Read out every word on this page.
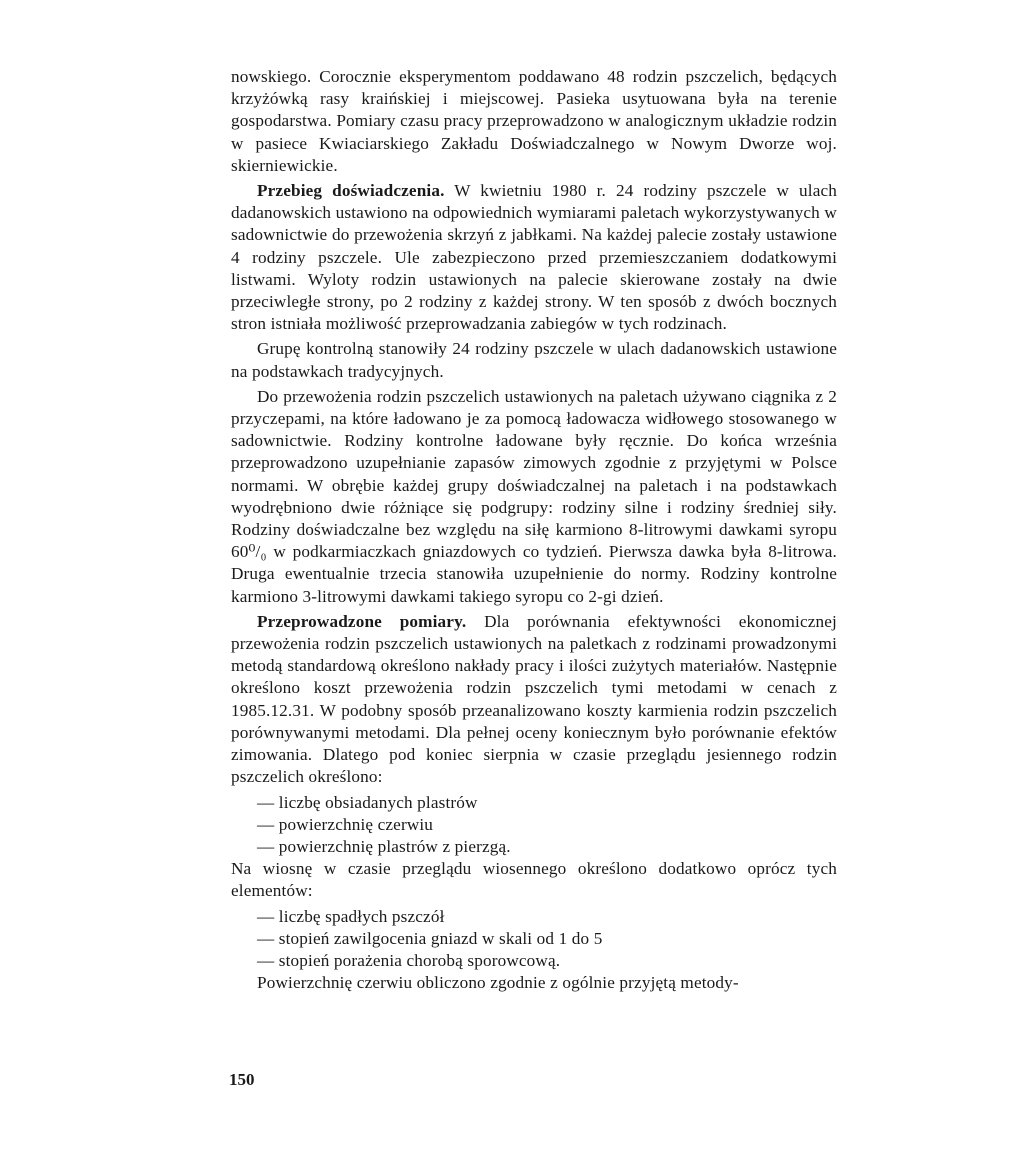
nowskiego. Corocznie eksperymentom poddawano 48 rodzin pszczelich, będących krzyżówką rasy kraińskiej i miejscowej. Pasieka usytuowana była na terenie gospodarstwa. Pomiary czasu pracy przeprowadzono w analogicznym układzie rodzin w pasiece Kwiaciarskiego Zakładu Doświadczalnego w Nowym Dworze woj. skierniewickie.

Przebieg doświadczenia. W kwietniu 1980 r. 24 rodziny pszczele w ulach dadanowskich ustawiono na odpowiednich wymiarami paletach wykorzystywanych w sadownictwie do przewożenia skrzyń z jabłkami. Na każdej palecie zostały ustawione 4 rodziny pszczele. Ule zabezpieczono przed przemieszczaniem dodatkowymi listwami. Wyloty rodzin ustawionych na palecie skierowane zostały na dwie przeciwległe strony, po 2 rodziny z każdej strony. W ten sposób z dwóch bocznych stron istniała możliwość przeprowadzania zabiegów w tych rodzinach.

Grupę kontrolną stanowiły 24 rodziny pszczele w ulach dadanowskich ustawione na podstawkach tradycyjnych.

Do przewożenia rodzin pszczelich ustawionych na paletach używano ciągnika z 2 przyczepami, na które ładowano je za pomocą ładowacza widłowego stosowanego w sadownictwie. Rodziny kontrolne ładowane były ręcznie. Do końca września przeprowadzono uzupełnianie zapasów zimowych zgodnie z przyjętymi w Polsce normami. W obrębie każdej grupy doświadczalnej na paletach i na podstawkach wyodrębniono dwie różniące się podgrupy: rodziny silne i rodziny średniej siły. Rodziny doświadczalne bez względu na siłę karmiono 8-litrowymi dawkami syropu 60⁰/₀ w podkarmiaczkach gniazdowych co tydzień. Pierwsza dawka była 8-litrowa. Druga ewentualnie trzecia stanowiła uzupełnienie do normy. Rodziny kontrolne karmiono 3-litrowymi dawkami takiego syropu co 2-gi dzień.

Przeprowadzone pomiary. Dla porównania efektywności ekonomicznej przewożenia rodzin pszczelich ustawionych na paletkach z rodzinami prowadzonymi metodą standardową określono nakłady pracy i ilości zużytych materiałów. Następnie określono koszt przewożenia rodzin pszczelich tymi metodami w cenach z 1985.12.31. W podobny sposób przeanalizowano koszty karmienia rodzin pszczelich porównywanymi metodami. Dla pełnej oceny koniecznym było porównanie efektów zimowania. Dlatego pod koniec sierpnia w czasie przeglądu jesiennego rodzin pszczelich określono:

— liczbę obsiadanych plastrów
— powierzchnię czerwiu
— powierzchnię plastrów z pierzgą.

Na wiosnę w czasie przeglądu wiosennego określono dodatkowo oprócz tych elementów:

— liczbę spadłych pszczół
— stopień zawilgocenia gniazd w skali od 1 do 5
— stopień porażenia chorobą sporowcową.

Powierzchnię czerwiu obliczono zgodnie z ogólnie przyjętą metody-

150
